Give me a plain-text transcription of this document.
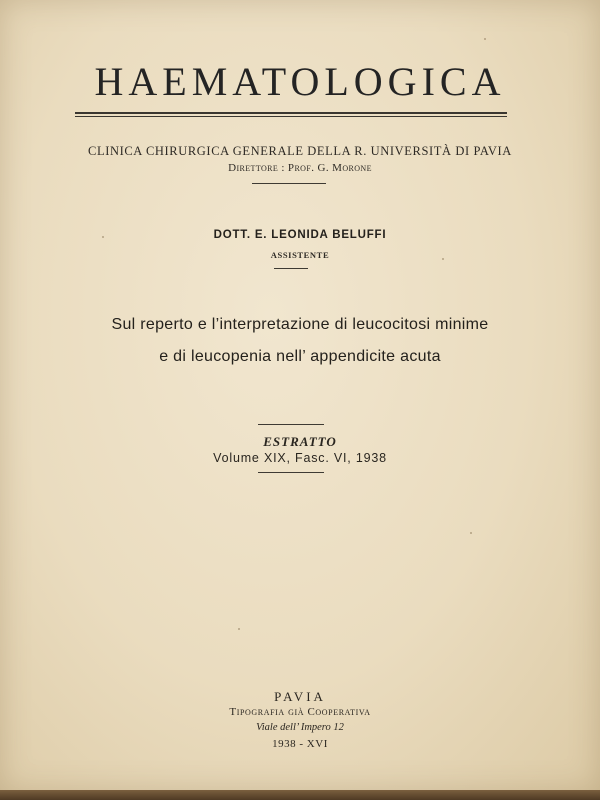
HAEMATOLOGICA
CLINICA CHIRURGICA GENERALE DELLA R. UNIVERSITÀ DI PAVIA
Direttore : Prof. G. Morone
DOTT. E. LEONIDA BELUFFI
ASSISTENTE
Sul reperto e l’interpretazione di leucocitosi minime
e di leucopenia nell’ appendicite acuta
ESTRATTO
Volume XIX, Fasc. VI, 1938
PAVIA
Tipografia già Cooperativa
Viale dell’ Impero 12
1938 - XVI
